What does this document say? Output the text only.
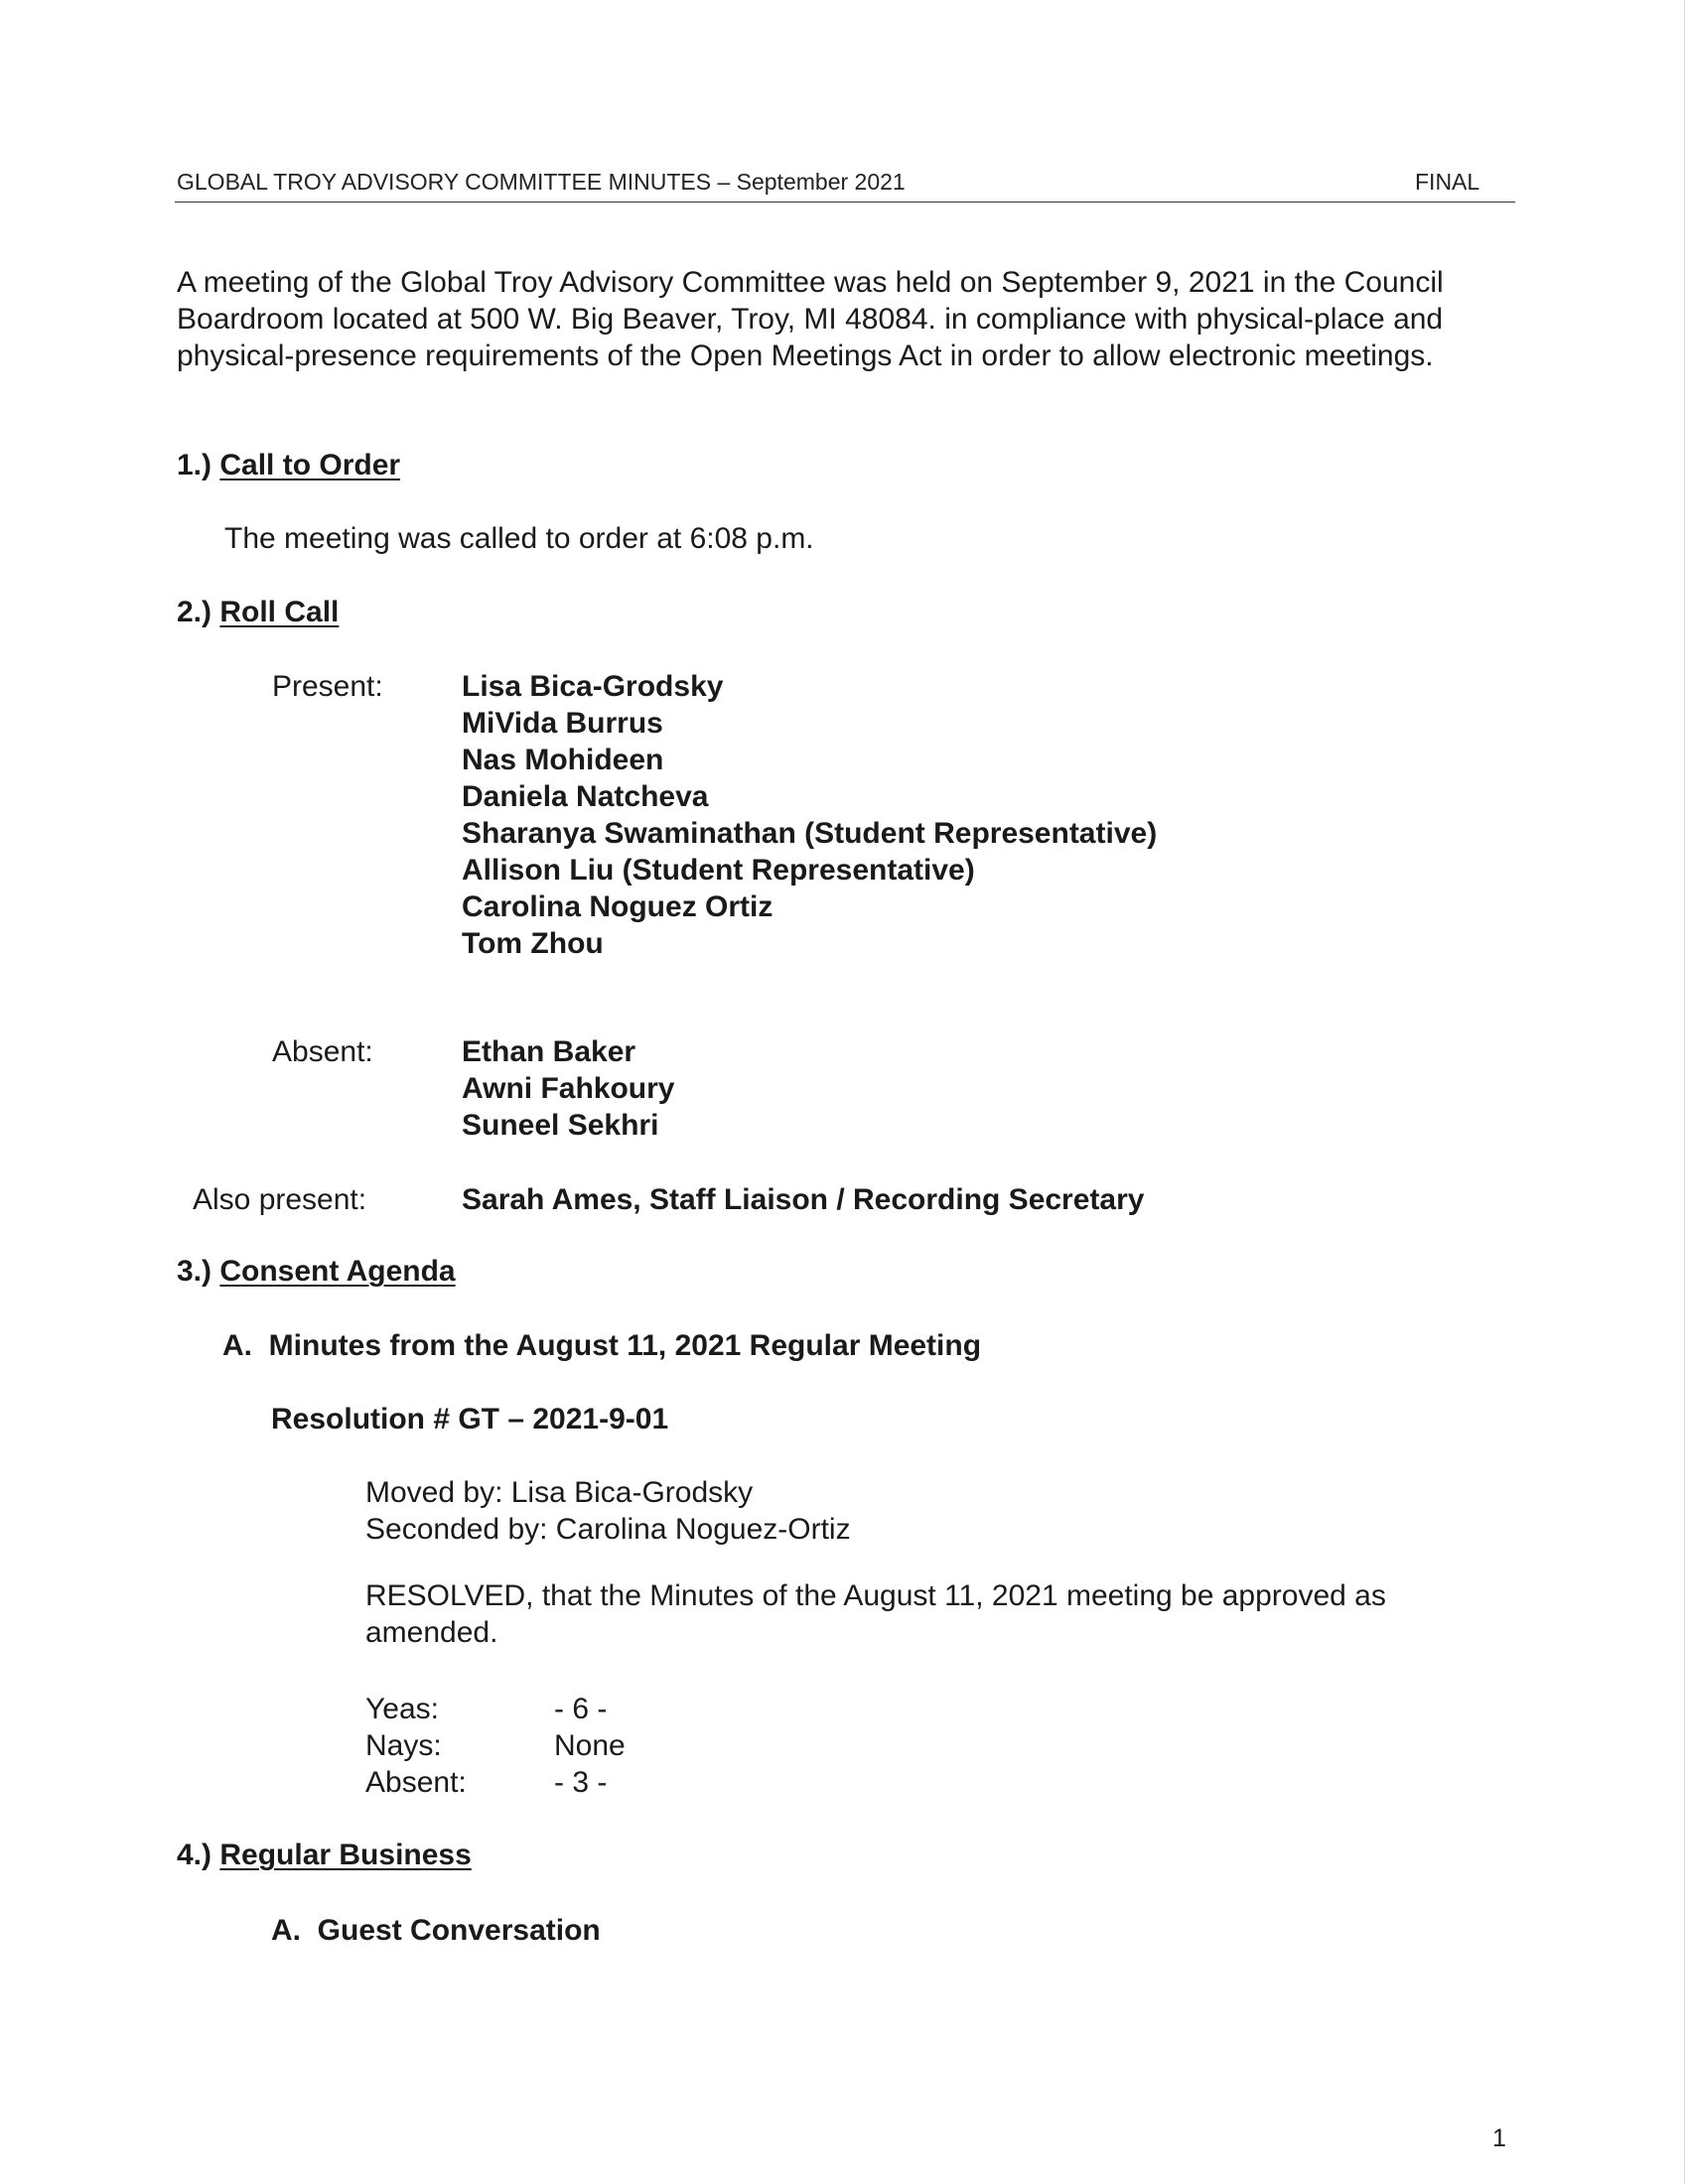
GLOBAL TROY ADVISORY COMMITTEE MINUTES – September 2021	FINAL
A meeting of the Global Troy Advisory Committee was held on September 9, 2021 in the Council Boardroom located at 500 W. Big Beaver, Troy, MI 48084. in compliance with physical-place and physical-presence requirements of the Open Meetings Act in order to allow electronic meetings.
1.) Call to Order
The meeting was called to order at 6:08 p.m.
2.) Roll Call
Present:	Lisa Bica-Grodsky
MiVida Burrus
Nas Mohideen
Daniela Natcheva
Sharanya Swaminathan (Student Representative)
Allison Liu (Student Representative)
Carolina Noguez Ortiz
Tom Zhou
Absent:	Ethan Baker
Awni Fahkoury
Suneel Sekhri
Also present:	Sarah Ames, Staff Liaison / Recording Secretary
3.) Consent Agenda
A.  Minutes from the August 11, 2021 Regular Meeting
Resolution # GT – 2021-9-01
Moved by: Lisa Bica-Grodsky
Seconded by: Carolina Noguez-Ortiz
RESOLVED, that the Minutes of the August 11, 2021 meeting be approved as amended.
Yeas:	- 6 -
Nays:	None
Absent:	- 3 -
4.) Regular Business
A.  Guest Conversation
1
